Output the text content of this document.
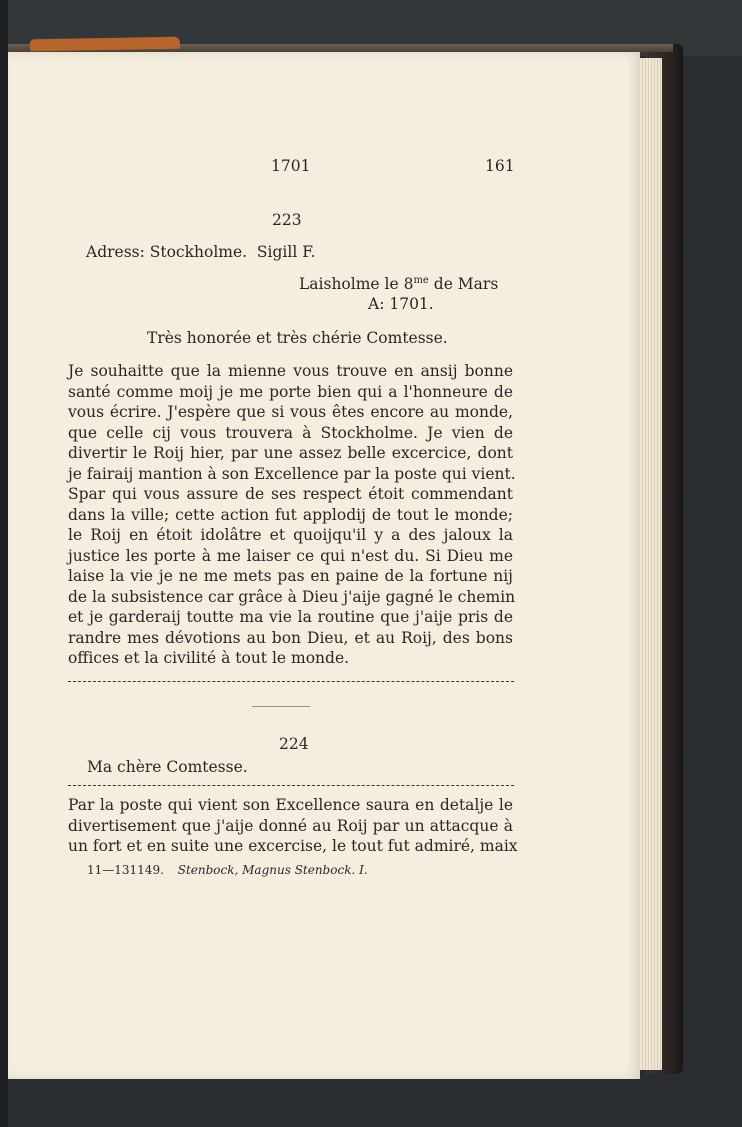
1701	161
223
Adress: Stockholme.  Sigill F.
Laisholme le $8^{me}$ de Mars
A: 1701.
Très honorée et très chérie Comtesse.
Je souhaitte que la mienne vous trouve en ansij bonne
santé comme moij je me porte bien qui a l'honneure de
vous écrire. J'espère que si vous êtes encore au monde,
que celle cij vous trouvera à Stockholme. Je vien de
divertir le Roij hier, par une assez belle excercice, dont
je fairaij mantion à son Excellence par la poste qui vient.
Spar qui vous assure de ses respect étoit commendant
dans la ville; cette action fut applodij de tout le monde;
le Roij en étoit idolâtre et quoijqu'il y a des jaloux la
justice les porte à me laiser ce qui n'est du. Si Dieu me
laise la vie je ne me mets pas en paine de la fortune nij
de la subsistence car grâce à Dieu j'aije gagné le chemin
et je garderaij toutte ma vie la routine que j'aije pris de
randre mes dévotions au bon Dieu, et au Roij, des bons
offices et la civilité à tout le monde.
224
Ma chère Comtesse.
Par la poste qui vient son Excellence saura en detalje le
divertisement que j'aije donné au Roij par un attacque à
un fort et en suite une excercise, le tout fut admiré, maix
11—131149. Stenbock, Magnus Stenbock. I.
